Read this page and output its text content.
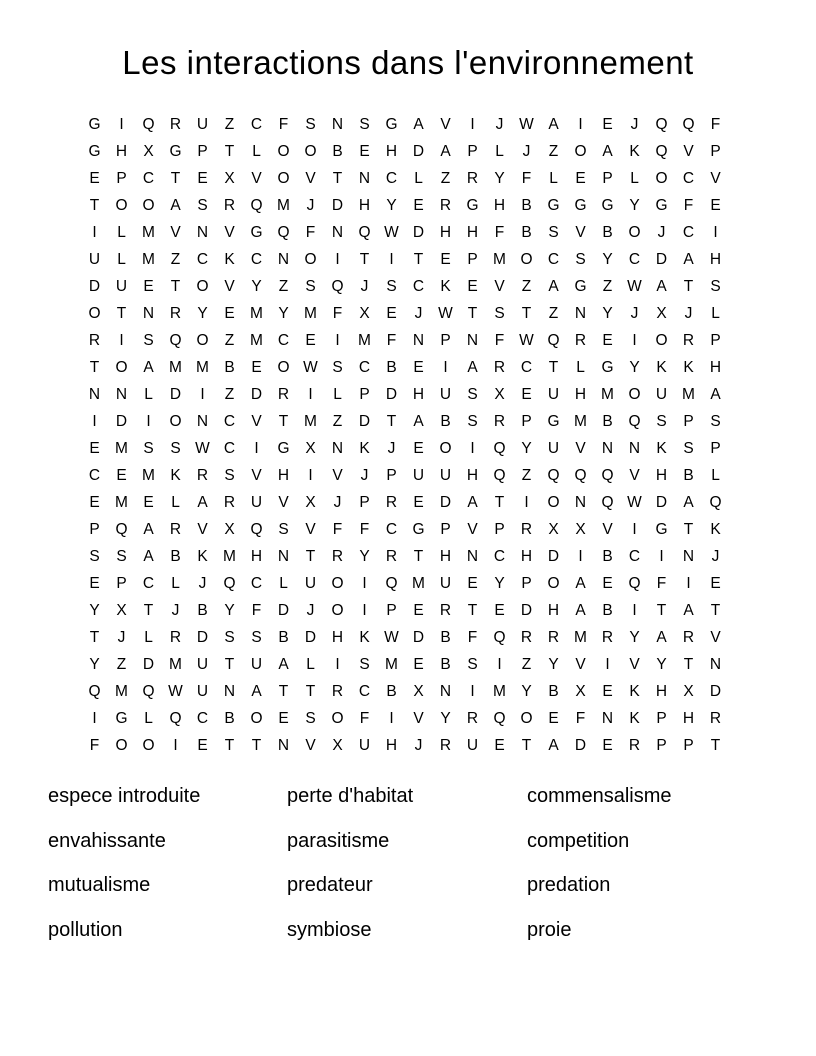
Les interactions dans l'environnement
G	I	Q R	U	Z	C	F	S	N	S	G	A	V	I	J	W A	I	E	J	Q Q	F
G H	X	G	P	T	L	O O	B	E	H	D	A	P	L	J	Z	O	A	K	Q	V	P
E	P	C	T	E	X	V	O	V	T	N	C	L	Z	R	Y	F	L	E	P	L	O C	V
T	O O	A	S	R Q M	J	D	H	Y	E	R G H	B	G G G	Y	G	F	E
I	L	M V	N	V	G Q	F	N Q W D	H	H	F	B	S	V	B	O	J	C	I
U	L	M	Z	C	K	C	N O	I	T	I	T	E	P M O C	S	Y	C	D	A	H
D	U	E	T	O	V	Y	Z	S	Q	J	S	C	K	E	V	Z	A	G	Z W A	T	S
O	T	N	R	Y	E M Y M	F	X	E	J	W T	S	T	Z	N	Y	J	X	J	L
R	I	S	Q O	Z	M C	E	I	M	F	N	P	N	F W Q R	E	I	O R	P
T	O	A M M B	E	O W S	C	B	E	I	A	R	C	T	L	G	Y	K	K	H
N	N	L	D	I	Z	D	R	I	L	P	D	H	U	S	X	E	U	H M O U M A
I	D	I	O N	C	V	T	M	Z	D	T	A	B	S	R	P	G M B	Q	S	P	S
E M S	S W C	I	G	X	N	K	J	E	O	I	Q	Y	U	V	N	N	K	S	P
C	E M K	R	S	V	H	I	V	J	P	U	U	H Q	Z	Q Q Q	V	H	B	L
E M E	L	A	R	U	V	X	J	P	R	E	D	A	T	I	O N Q W D	A	Q
P	Q	A	R	V	X	Q	S	V	F	F	C G	P	V	P	R	X	X	V	I	G	T	K
S	S	A	B	K M H	N	T	R	Y	R	T	H	N	C	H	D	I	B	C	I	N	J
E	P	C	L	J	Q C	L	U O	I	Q M U	E	Y	P	O	A	E	Q	F	I	E
Y	X	T	J	B	Y	F	D	J	O	I	P	E	R	T	E	D	H	A	B	I	T	A	T
T	J	L	R	D	S	S	B	D	H	K W D	B	F	Q R	R M R	Y	A	R	V
Y	Z	D M U	T	U	A	L	I	S M E	B	S	I	Z	Y	V	I	V	Y	T	N
Q M Q W U	N	A	T	T	R	C	B	X	N	I	M Y	B	X	E	K	H	X	D
I	G	L	Q C	B	O	E	S	O	F	I	V	Y	R Q O	E	F	N	K	P	H	R
F	O O	I	E	T	T	N	V	X	U	H	J	R	U	E	T	A	D	E	R	P	P	T
espece introduite
envahissante
mutualisme
pollution
perte d'habitat
parasitisme
predateur
symbiose
commensalisme
competition
predation
proie
